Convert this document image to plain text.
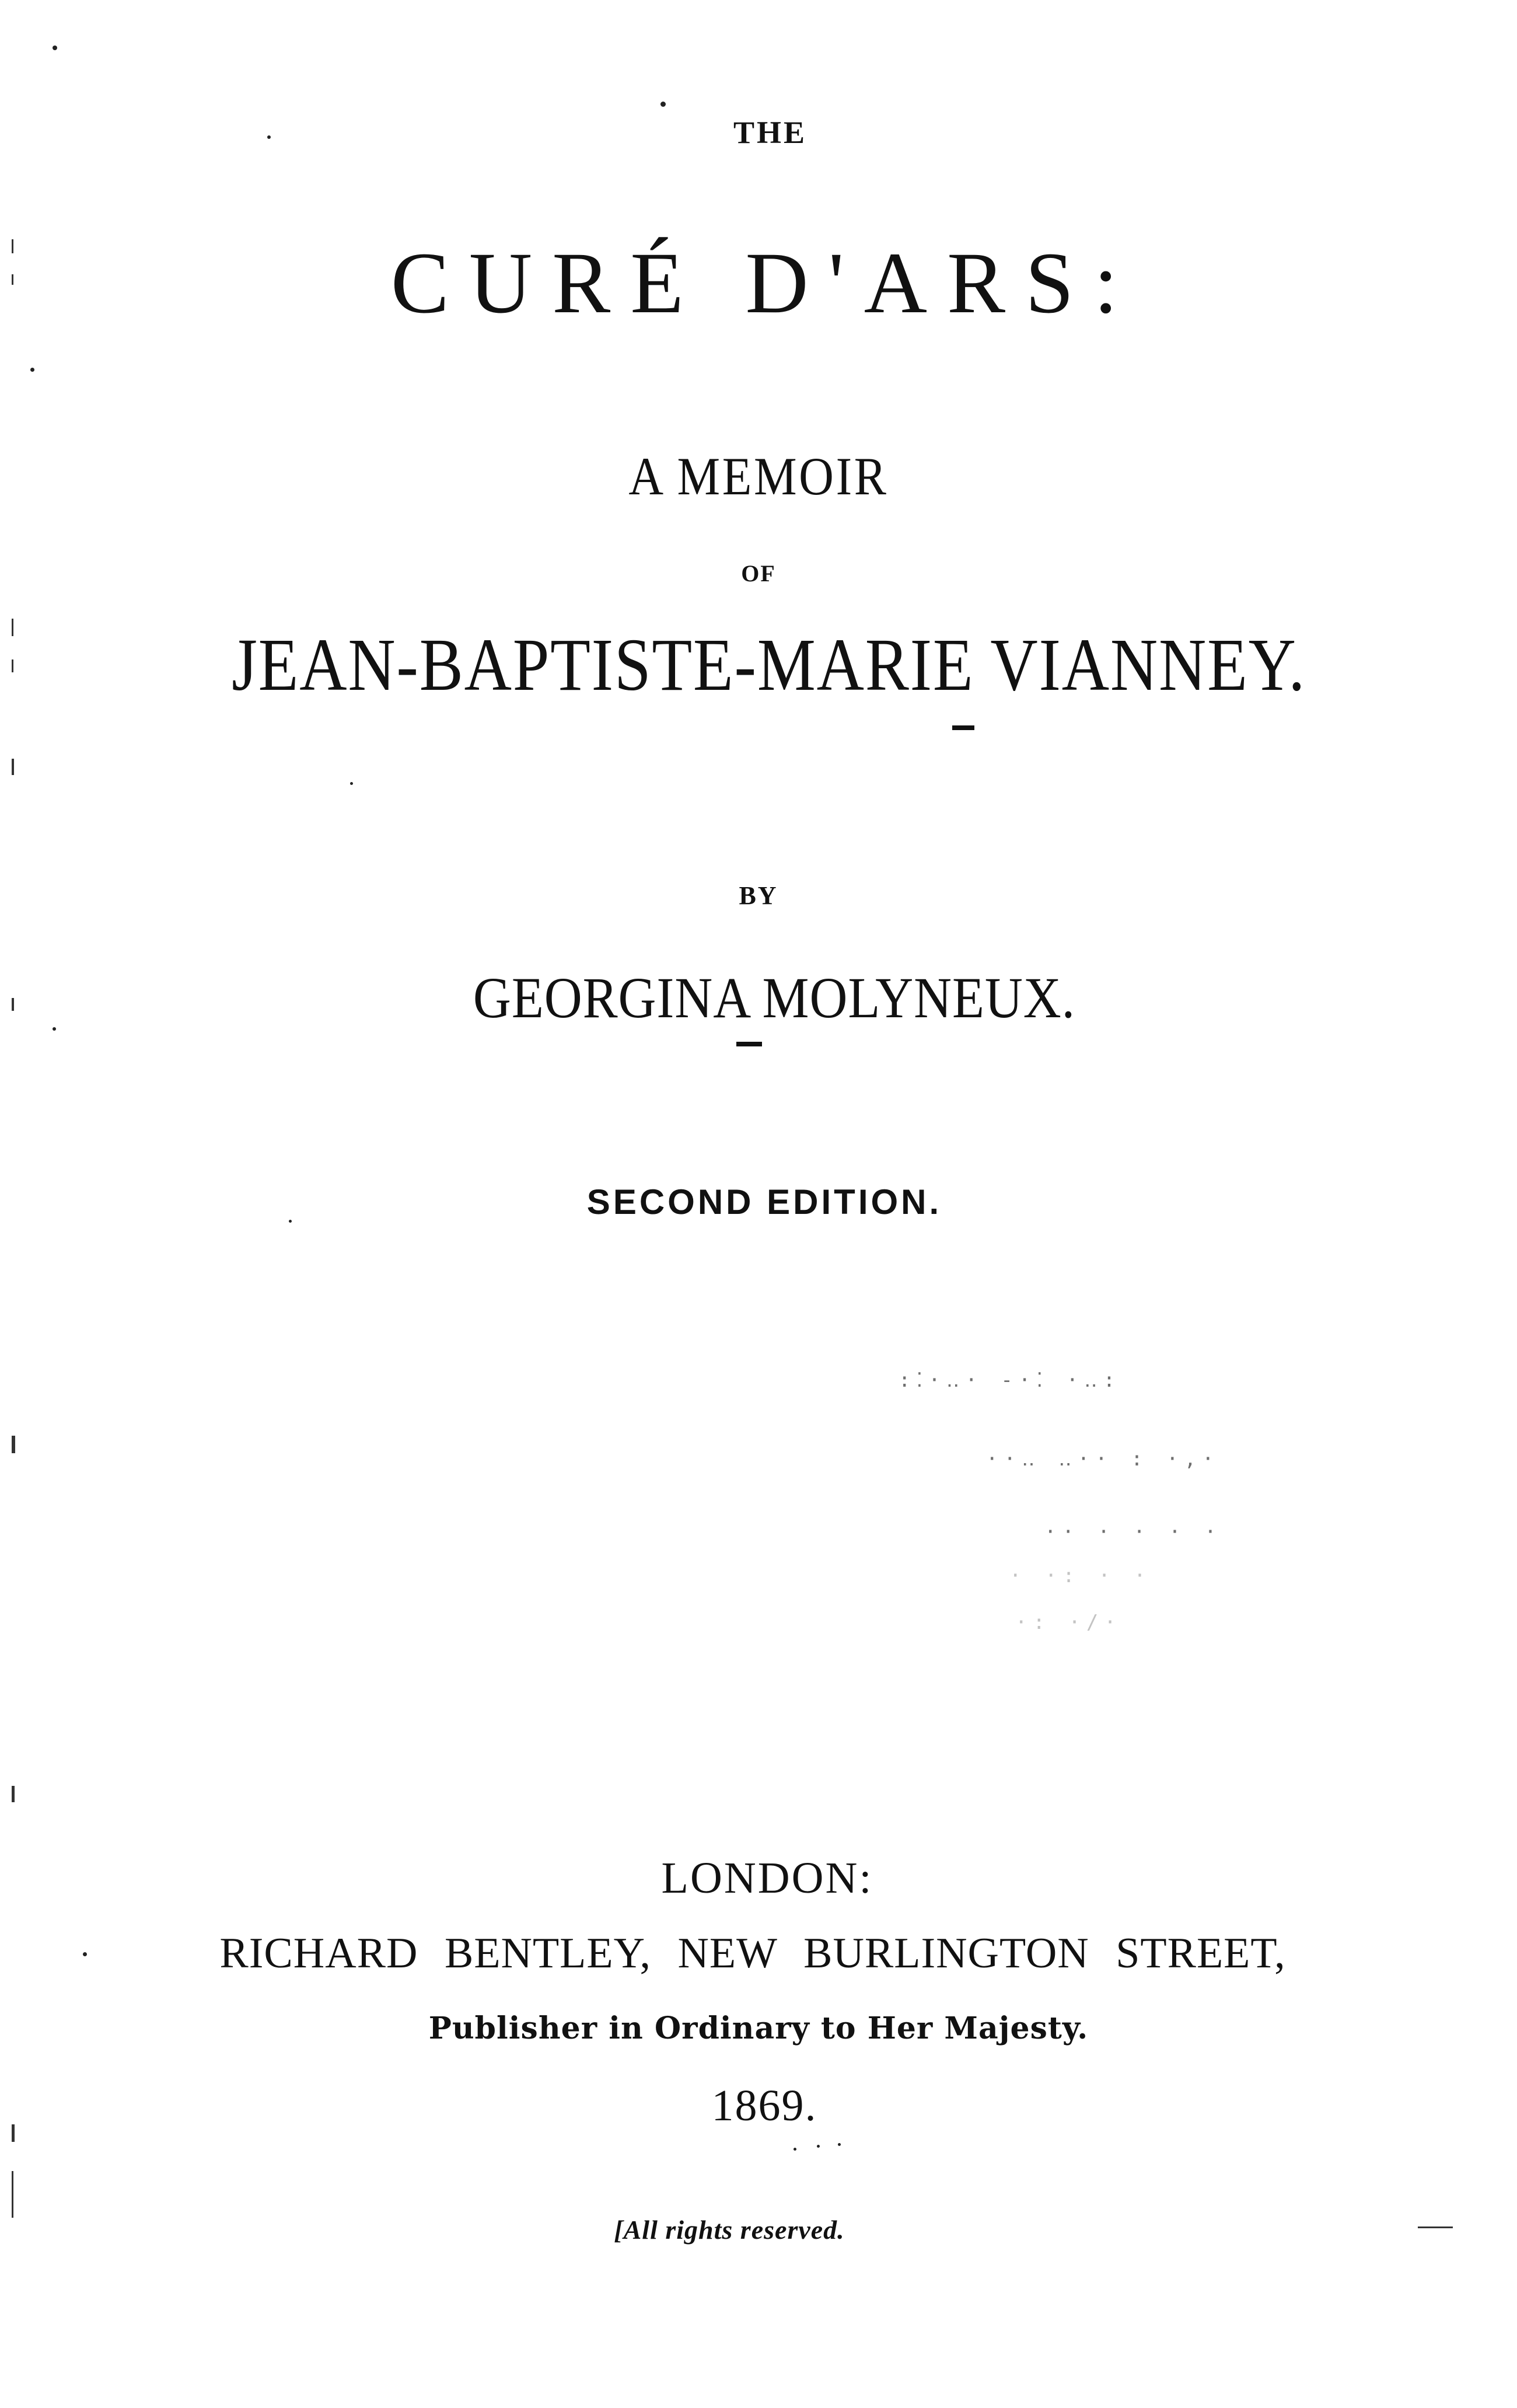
THE
CURÉ D'ARS:
A MEMOIR
OF
JEAN-BAPTISTE-MARIE VIANNEY.
BY
GEORGINA MOLYNEUX.
SECOND EDITION.
LONDON:
RICHARD BENTLEY, NEW BURLINGTON STREET,
Publisher in Ordinary to Her Majesty.
1869.
[All rights reserved.
:⁚·‥· -·⁚ ·‥:
··‥ ‥·· : ·,·
·· · · · ·
· ·: · ·
·: ·/·
